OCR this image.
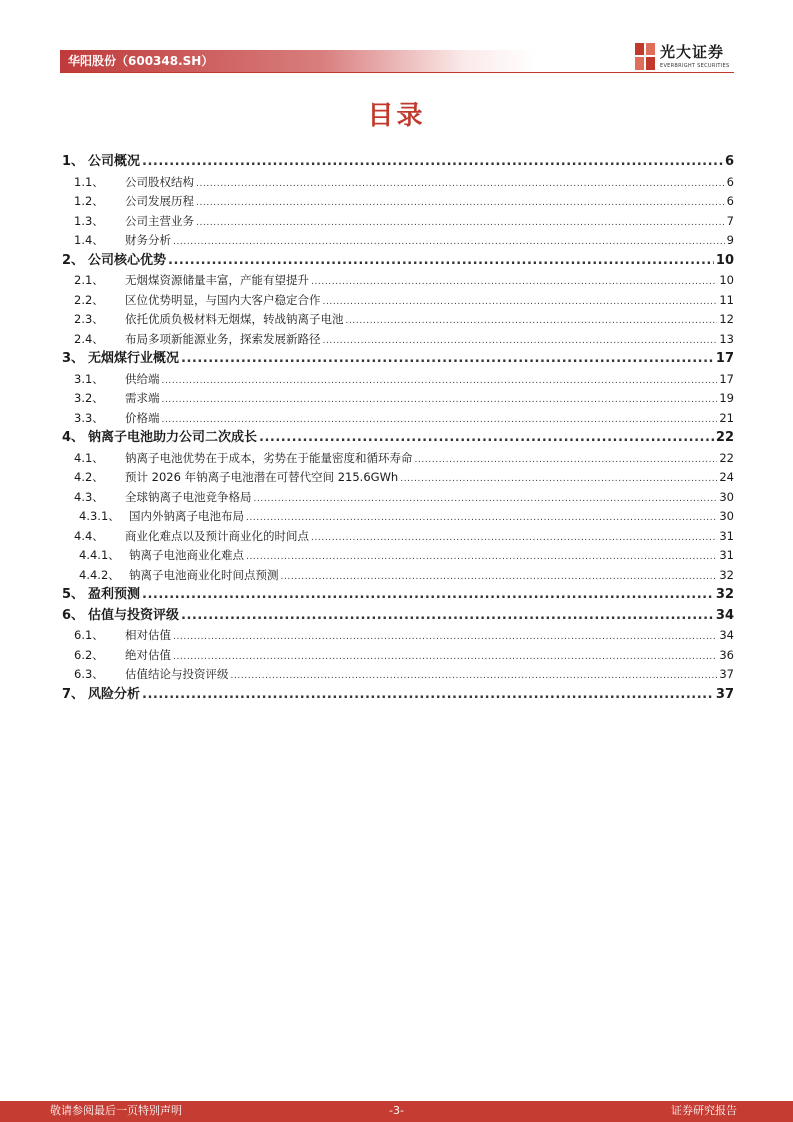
华阳股份（600348.SH）	光大证券
EVERBRIGHT SECURITIES
目录
1、 公司概况 .....	6
1.1、	公司股权结构 .....	6
1.2、	公司发展历程 .....	6
1.3、	公司主营业务 .....	7
1.4、	财务分析 .....	9
2、 公司核心优势 .....	10
2.1、	无烟煤资源储量丰富，产能有望提升 .....	10
2.2、	区位优势明显，与国内大客户稳定合作 .....	11
2.3、	依托优质负极材料无烟煤，转战钠离子电池 .....	12
2.4、	布局多项新能源业务，探索发展新路径 .....	13
3、 无烟煤行业概况 .....	17
3.1、	供给端 .....	17
3.2、	需求端 .....	19
3.3、	价格端 .....	21
4、 钠离子电池助力公司二次成长 .....	22
4.1、	钠离子电池优势在于成本，劣势在于能量密度和循环寿命 .....	22
4.2、	预计 2026 年钠离子电池潜在可替代空间 215.6GWh .....	24
4.3、	全球钠离子电池竞争格局 .....	30
4.3.1、 国内外钠离子电池布局 .....	30
4.4、	商业化难点以及预计商业化的时间点 .....	31
4.4.1、 钠离子电池商业化难点 .....	31
4.4.2、 钠离子电池商业化时间点预测 .....	32
5、 盈利预测 .....	32
6、 估值与投资评级 .....	34
6.1、	相对估值 .....	34
6.2、	绝对估值 .....	36
6.3、	估值结论与投资评级 .....	37
7、 风险分析 .....	37
敬请参阅最后一页特别声明	-3-	证券研究报告
